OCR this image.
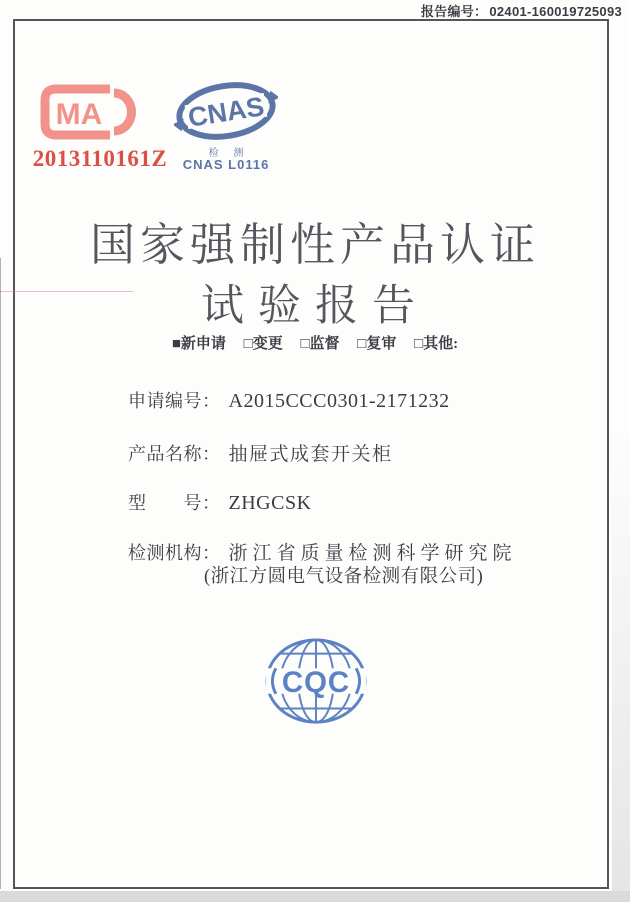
报告编号： 02401-160019725093
MA
2013110161Z
CNAS
检 测
CNAS L0116
国家强制性产品认证
试验报告
■新申请 □变更 □监督 □复审 □其他:
申请编号： A2015CCC0301-2171232
产品名称： 抽屉式成套开关柜
型　　号： ZHGCSK
检测机构： 浙江省质量检测科学研究院
(浙江方圆电气设备检测有限公司)
CQC
